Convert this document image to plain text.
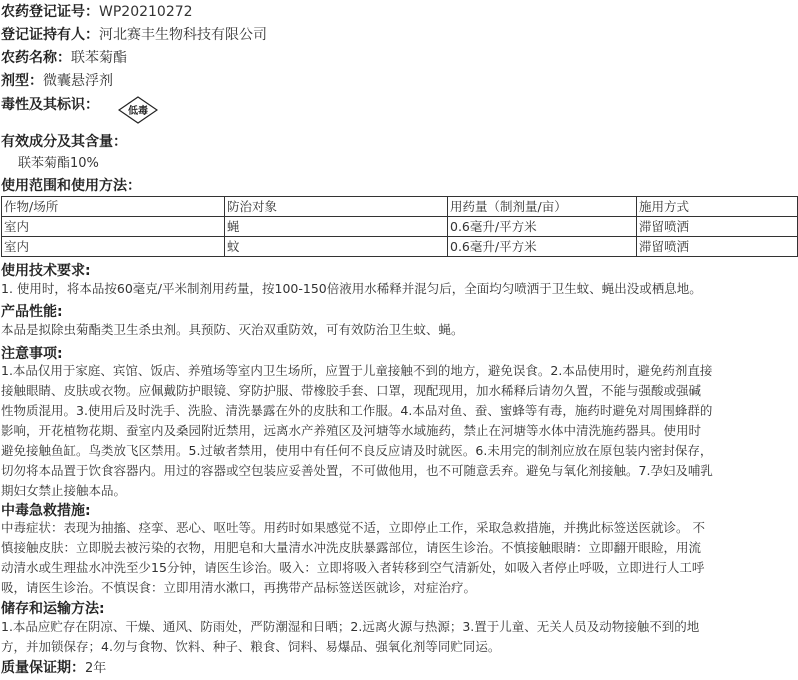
农药登记证号：WP20210272
登记证持有人：河北赛丰生物科技有限公司
农药名称：联苯菊酯
剂型：微囊悬浮剂
毒性及其标识：	低毒
有效成分及其含量：
联苯菊酯10%
使用范围和使用方法：
作物/场所	防治对象	用药量（制剂量/亩）	施用方式
室内	蝇	0.6毫升/平方米	滞留喷洒
室内	蚊	0.6毫升/平方米	滞留喷洒
使用技术要求:
1. 使用时，将本品按60毫克/平米制剂用药量，按100-150倍液用水稀释并混匀后，全面均匀喷洒于卫生蚊、蝇出没或栖息地。
产品性能:
本品是拟除虫菊酯类卫生杀虫剂。具预防、灭治双重防效，可有效防治卫生蚊、蝇。
注意事项:
1.本品仅用于家庭、宾馆、饭店、养殖场等室内卫生场所，应置于儿童接触不到的地方，避免误食。2.本品使用时，避免药剂直接
接触眼睛、皮肤或衣物。应佩戴防护眼镜、穿防护服、带橡胶手套、口罩，现配现用，加水稀释后请勿久置，不能与强酸或强碱
性物质混用。3.使用后及时洗手、洗脸、清洗暴露在外的皮肤和工作服。4.本品对鱼、蚕、蜜蜂等有毒，施药时避免对周围蜂群的
影响，开花植物花期、蚕室内及桑园附近禁用，远离水产养殖区及河塘等水域施药，禁止在河塘等水体中清洗施药器具。使用时
避免接触鱼缸。鸟类放飞区禁用。5.过敏者禁用，使用中有任何不良反应请及时就医。6.未用完的制剂应放在原包装内密封保存，
切勿将本品置于饮食容器内。用过的容器或空包装应妥善处置，不可做他用，也不可随意丢弃。避免与氧化剂接触。7.孕妇及哺乳
期妇女禁止接触本品。
中毒急救措施:
中毒症状：表现为抽搐、痉挛、恶心、呕吐等。用药时如果感觉不适，立即停止工作，采取急救措施，并携此标签送医就诊。 不
慎接触皮肤：立即脱去被污染的衣物，用肥皂和大量清水冲洗皮肤暴露部位，请医生诊治。不慎接触眼睛：立即翻开眼睑，用流
动清水或生理盐水冲洗至少15分钟，请医生诊治。吸入：立即将吸入者转移到空气清新处，如吸入者停止呼吸，立即进行人工呼
吸，请医生诊治。不慎误食：立即用清水漱口，再携带产品标签送医就诊，对症治疗。
储存和运输方法:
1.本品应贮存在阴凉、干燥、通风、防雨处，严防潮湿和日晒；2.远离火源与热源；3.置于儿童、无关人员及动物接触不到的地
方，并加锁保存；4.勿与食物、饮料、种子、粮食、饲料、易爆品、强氧化剂等同贮同运。
质量保证期：2年
